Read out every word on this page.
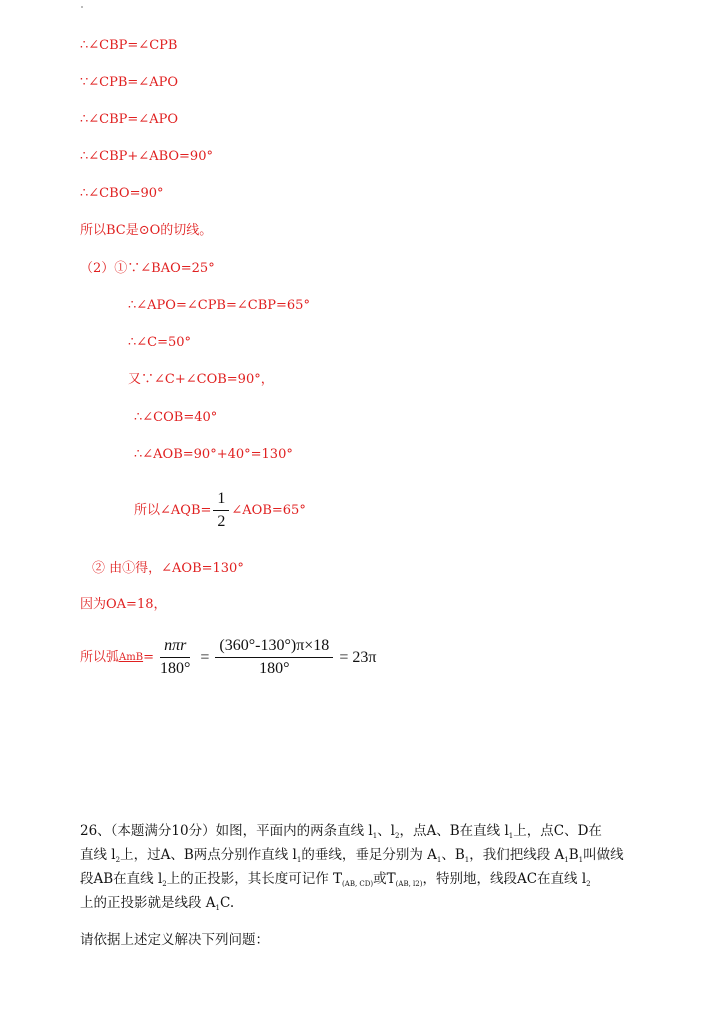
∴∠CBP=∠CPB
∵∠CPB=∠APO
∴∠CBP=∠APO
∴∠CBP+∠ABO=90°
∴∠CBO=90°
所以BC是⊙O的切线。
（2）①∵∠BAO=25°
∴∠APO=∠CPB=∠CBP=65°
∴∠C=50°
又∵∠C+∠COB=90°，
∴∠COB=40°
∴∠AOB=90°+40°=130°
所以∠AQB= $\frac{1}{2}$ ∠AOB=65°
② 由①得，∠AOB=130°
因为OA=18，
所以弧 AmB = $\frac{\text{nπr}}{180^\circ} = \frac{(360^\circ-130^\circ)\pi\times 18}{180^\circ} = 23\pi$
26、（本题满分10分）如图，平面内的两条直线 $l_1$、$l_2$，点A、B在直线 $l_1$上，点C、D在
直线 $l_2$上，过A、B两点分别作直线 $l_1$的垂线，垂足分别为 $A_1$、$B_1$，我们把线段 $A_1B_1$叫做线
段AB在直线 $l_2$上的正投影，其长度可记作 $T_{(AB, CD)}$或$T_{(AB, l2)}$，特别地，线段AC在直线 $l_2$
上的正投影就是线段 $A_1C$.
请依据上述定义解决下列问题：
